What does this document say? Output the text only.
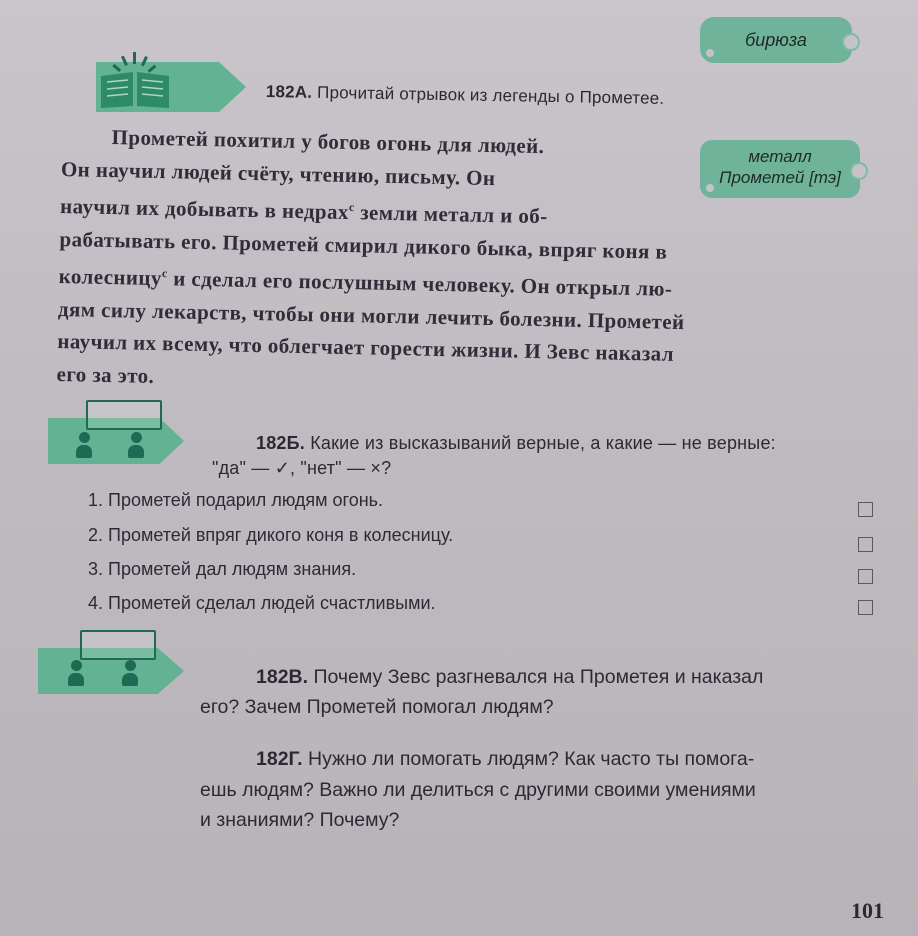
бирюза
182А. Прочитай отрывок из легенды о Прометее.
металл
Прометей [тэ]

Прометей похитил у богов огонь для людей.

Он научил людей счёту, чтению, письму. Он

научил их добывать в недрах$^с$ земли металл и об-

рабатывать его. Прометей смирил дикого быка, впряг коня в

колесницу$^с$ и сделал его послушным человеку. Он открыл лю-

дям силу лекарств, чтобы они могли лечить болезни. Прометей

научил их всему, что облегчает горести жизни. И Зевс наказал

его за это.

182Б. Какие из высказываний верные, а какие — не верные:
"да" — ✓, "нет" — ×?
1. Прометей подарил людям огонь.
2. Прометей впряг дикого коня в колесницу.
3. Прометей дал людям знания.
4. Прометей сделал людей счастливыми.
182В. Почему Зевс разгневался на Прометея и наказал
его? Зачем Прометей помогал людям?
182Г. Нужно ли помогать людям? Как часто ты помога-
ешь людям? Важно ли делиться с другими своими умениями
и знаниями? Почему?
101
